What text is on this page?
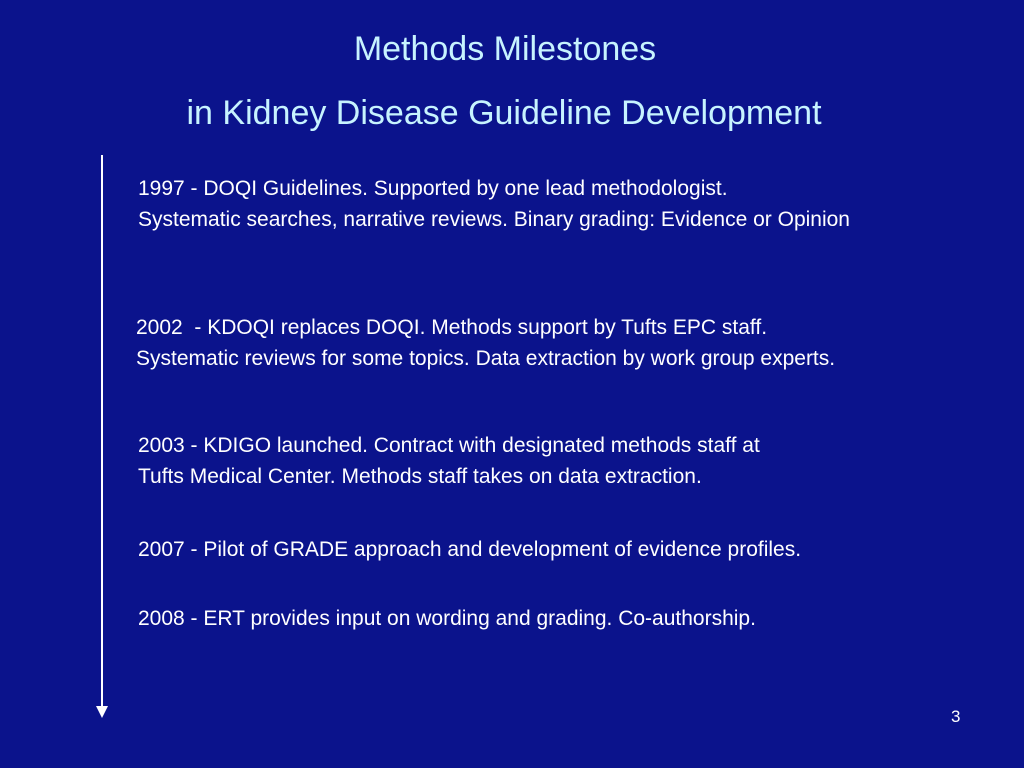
Methods Milestones
in Kidney Disease Guideline Development
1997 - DOQI Guidelines. Supported by one lead methodologist.
Systematic searches, narrative reviews. Binary grading: Evidence or Opinion
2002  - KDOQI replaces DOQI. Methods support by Tufts EPC staff.
Systematic reviews for some topics. Data extraction by work group experts.
2003 - KDIGO launched. Contract with designated methods staff at
Tufts Medical Center. Methods staff takes on data extraction.
2007 - Pilot of GRADE approach and development of evidence profiles.
2008 - ERT provides input on wording and grading. Co-authorship.
3
